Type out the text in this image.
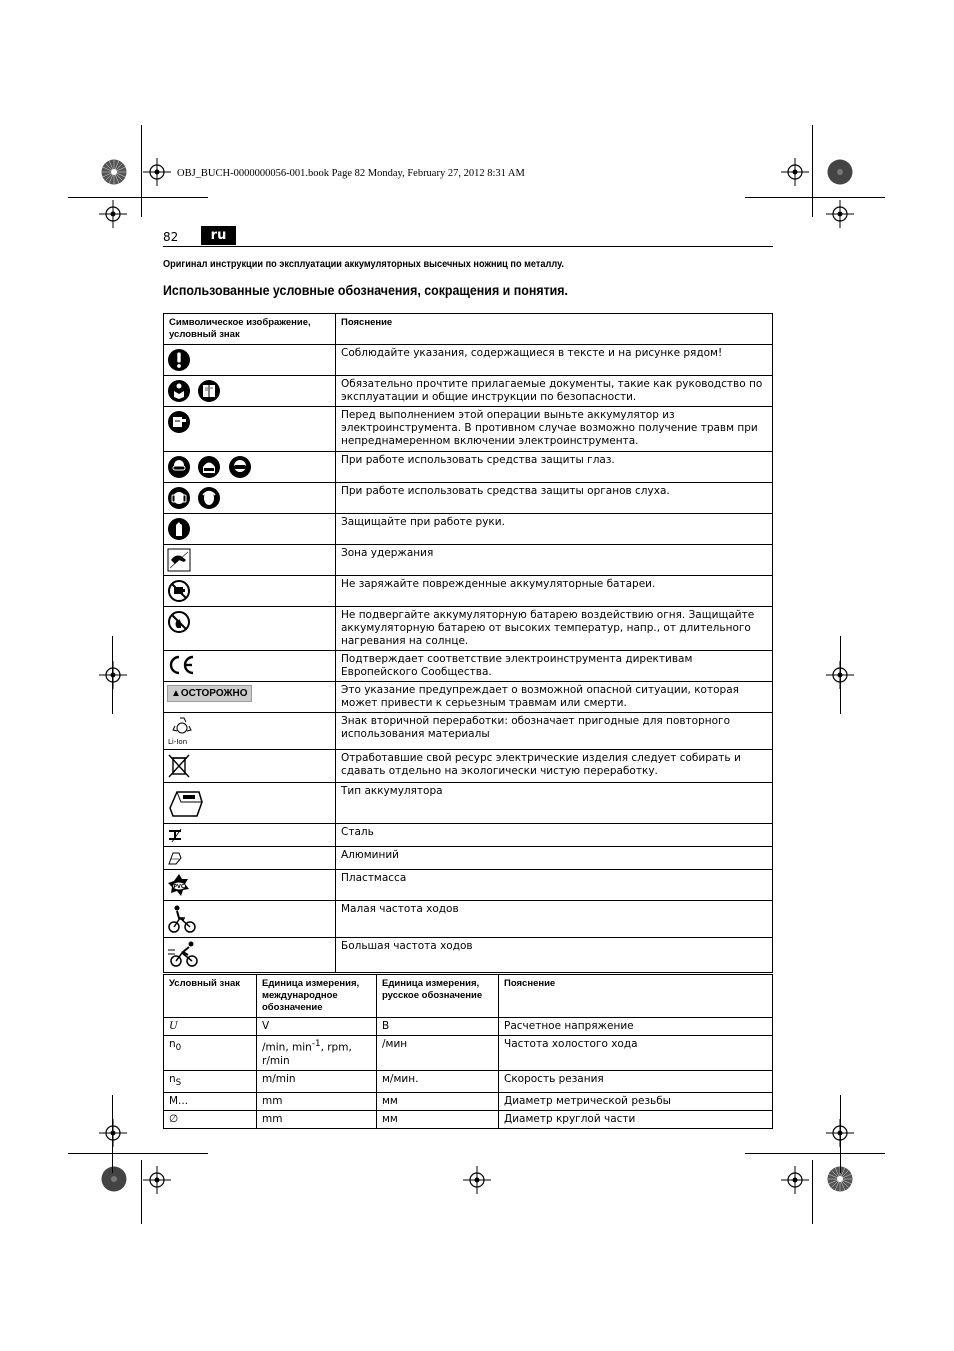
OBJ_BUCH-0000000056-001.book Page 82 Monday, February 27, 2012 8:31 AM
82	ru
Оригинал инструкции по эксплуатации аккумуляторных высечных ножниц по металлу.
Использованные условные обозначения, сокращения и понятия.
Символическое изображение, условный знак	Пояснение

	Соблюдайте указания, содержащиеся в тексте и на рисунке рядом!

	Обязательно прочтите прилагаемые документы, такие как руководство по эксплуатации и общие инструкции по безопасности.

	Перед выполнением этой операции выньте аккумулятор из электроинструмента. В противном случае возможно получение травм при непреднамеренном включении электроинструмента.

	При работе использовать средства защиты глаз.

	При работе использовать средства защиты органов слуха.

	Защищайте при работе руки.

	Зона удержания

	Не заряжайте поврежденные аккумуляторные батареи.

	Не подвергайте аккумуляторную батарею воздействию огня. Защищайте аккумуляторную батарею от высоких температур, напр., от длительного нагревания на солнце.

	Подтверждает соответствие электроинструмента директивам Европейского Сообщества.
▲ОСТОРОЖНО	Это указание предупреждает о возможной опасной ситуации, которая может привести к серьезным травмам или смерти.

Li-Ion	Знак вторичной переработки: обозначает пригодные для повторного использования материалы

	Отработавшие свой ресурс электрические изделия следует собирать и сдавать отдельно на экологически чистую переработку.

	Тип аккумулятора

	Сталь

	Алюминий

PVC	Пластмасса

	Малая частота ходов

	Большая частота ходов
Условный знак	Единица измерения, международное обозначение	Единица измерения, русское обозначение	Пояснение
U	V	В	Расчетное напряжение
$n_0$	/min, $\min^{-1}$, rpm, r/min	/мин	Частота холостого хода
$n_S$	m/min	м/мин.	Скорость резания
M...	mm	мм	Диаметр метрической резьбы
∅	mm	мм	Диаметр круглой части
